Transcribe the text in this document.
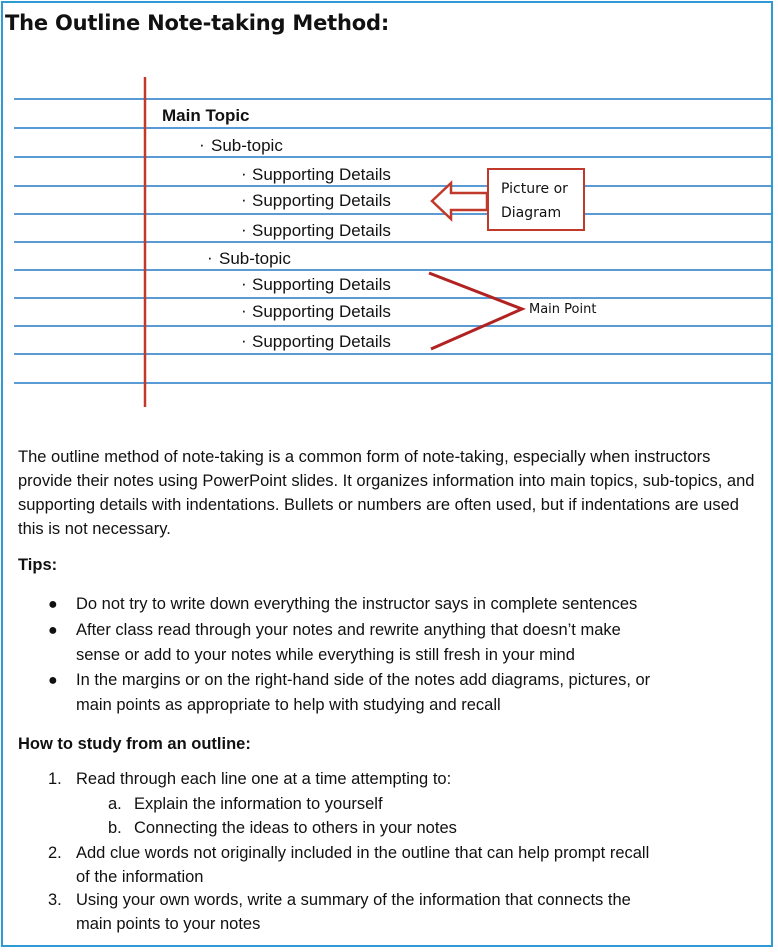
The Outline Note-taking Method:
Main Topic
· Sub-topic
· Supporting Details
· Supporting Details
· Supporting Details
· Sub-topic
· Supporting Details
· Supporting Details
· Supporting Details
Picture or
Diagram
Main Point
The outline method of note-taking is a common form of note-taking, especially when instructors provide their notes using PowerPoint slides. It organizes information into main topics, sub-topics, and supporting details with indentations. Bullets or numbers are often used, but if indentations are used this is not necessary.
Tips:
● Do not try to write down everything the instructor says in complete sentences
● After class read through your notes and rewrite anything that doesn’t make
sense or add to your notes while everything is still fresh in your mind
● In the margins or on the right-hand side of the notes add diagrams, pictures, or
main points as appropriate to help with studying and recall
How to study from an outline:
1. Read through each line one at a time attempting to:
a. Explain the information to yourself
b. Connecting the ideas to others in your notes
2. Add clue words not originally included in the outline that can help prompt recall
of the information
3. Using your own words, write a summary of the information that connects the
main points to your notes
